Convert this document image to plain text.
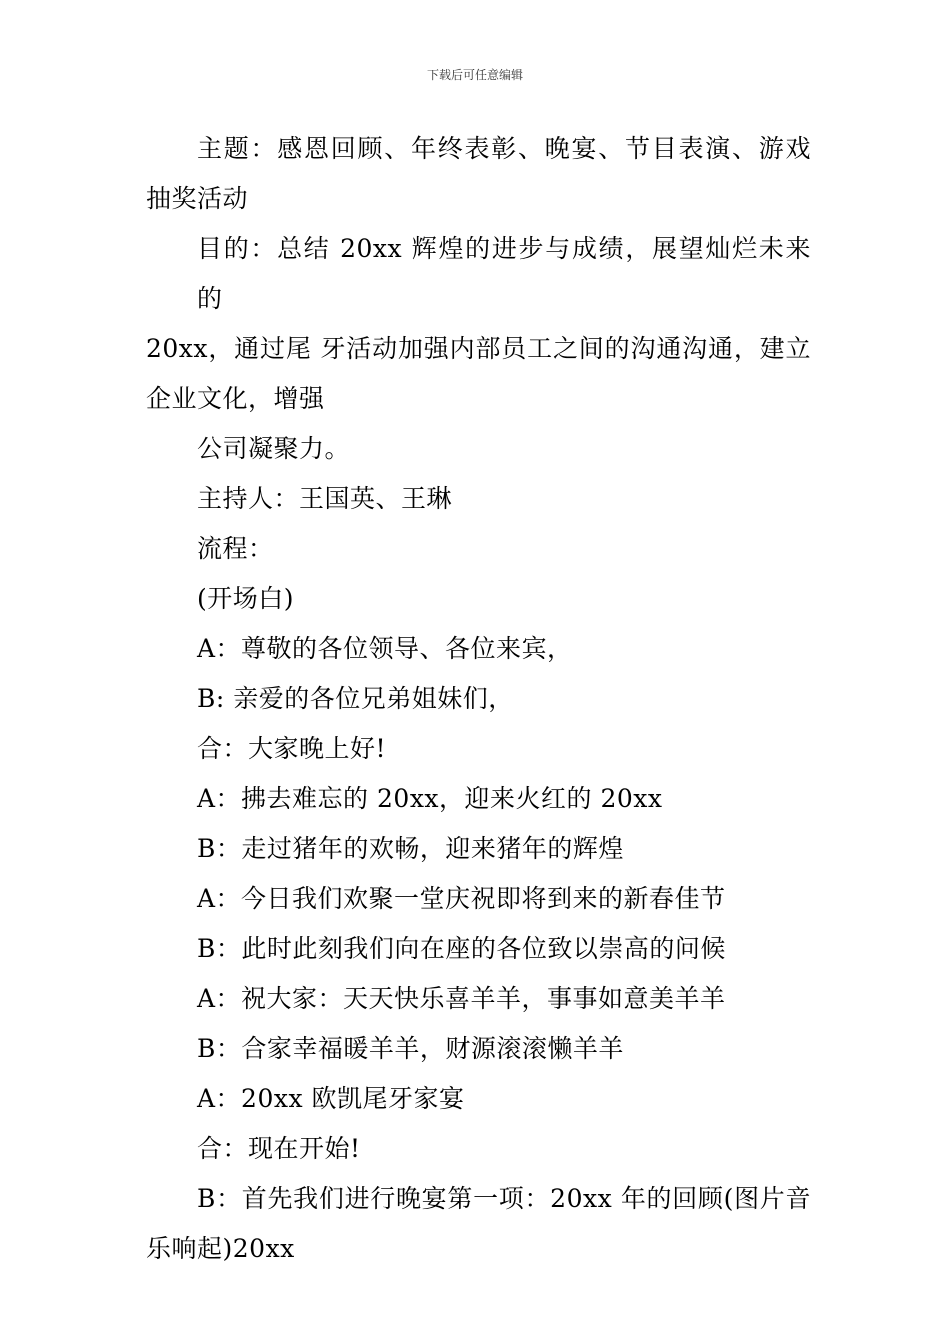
下载后可任意编辑

主题：感恩回顾、年终表彰、晚宴、节目表演、游戏
抽奖活动

目的：总结 20xx 辉煌的进步与成绩，展望灿烂未来的
20xx，通过尾 牙活动加强内部员工之间的沟通沟通，建立
企业文化，增强

公司凝聚力。
主持人：王国英、王琳
流程：
(开场白)
A：尊敬的各位领导、各位来宾，
B: 亲爱的各位兄弟姐妹们，
合：大家晚上好!
A：拂去难忘的 20xx，迎来火红的 20xx
B：走过猪年的欢畅，迎来猪年的辉煌
A：今日我们欢聚一堂庆祝即将到来的新春佳节
B：此时此刻我们向在座的各位致以崇高的问候
A：祝大家：天天快乐喜羊羊，事事如意美羊羊
B：合家幸福暖羊羊，财源滚滚懒羊羊
A：20xx 欧凯尾牙家宴
合：现在开始!

B：首先我们进行晚宴第一项：20xx 年的回顾(图片音
乐响起)20xx
